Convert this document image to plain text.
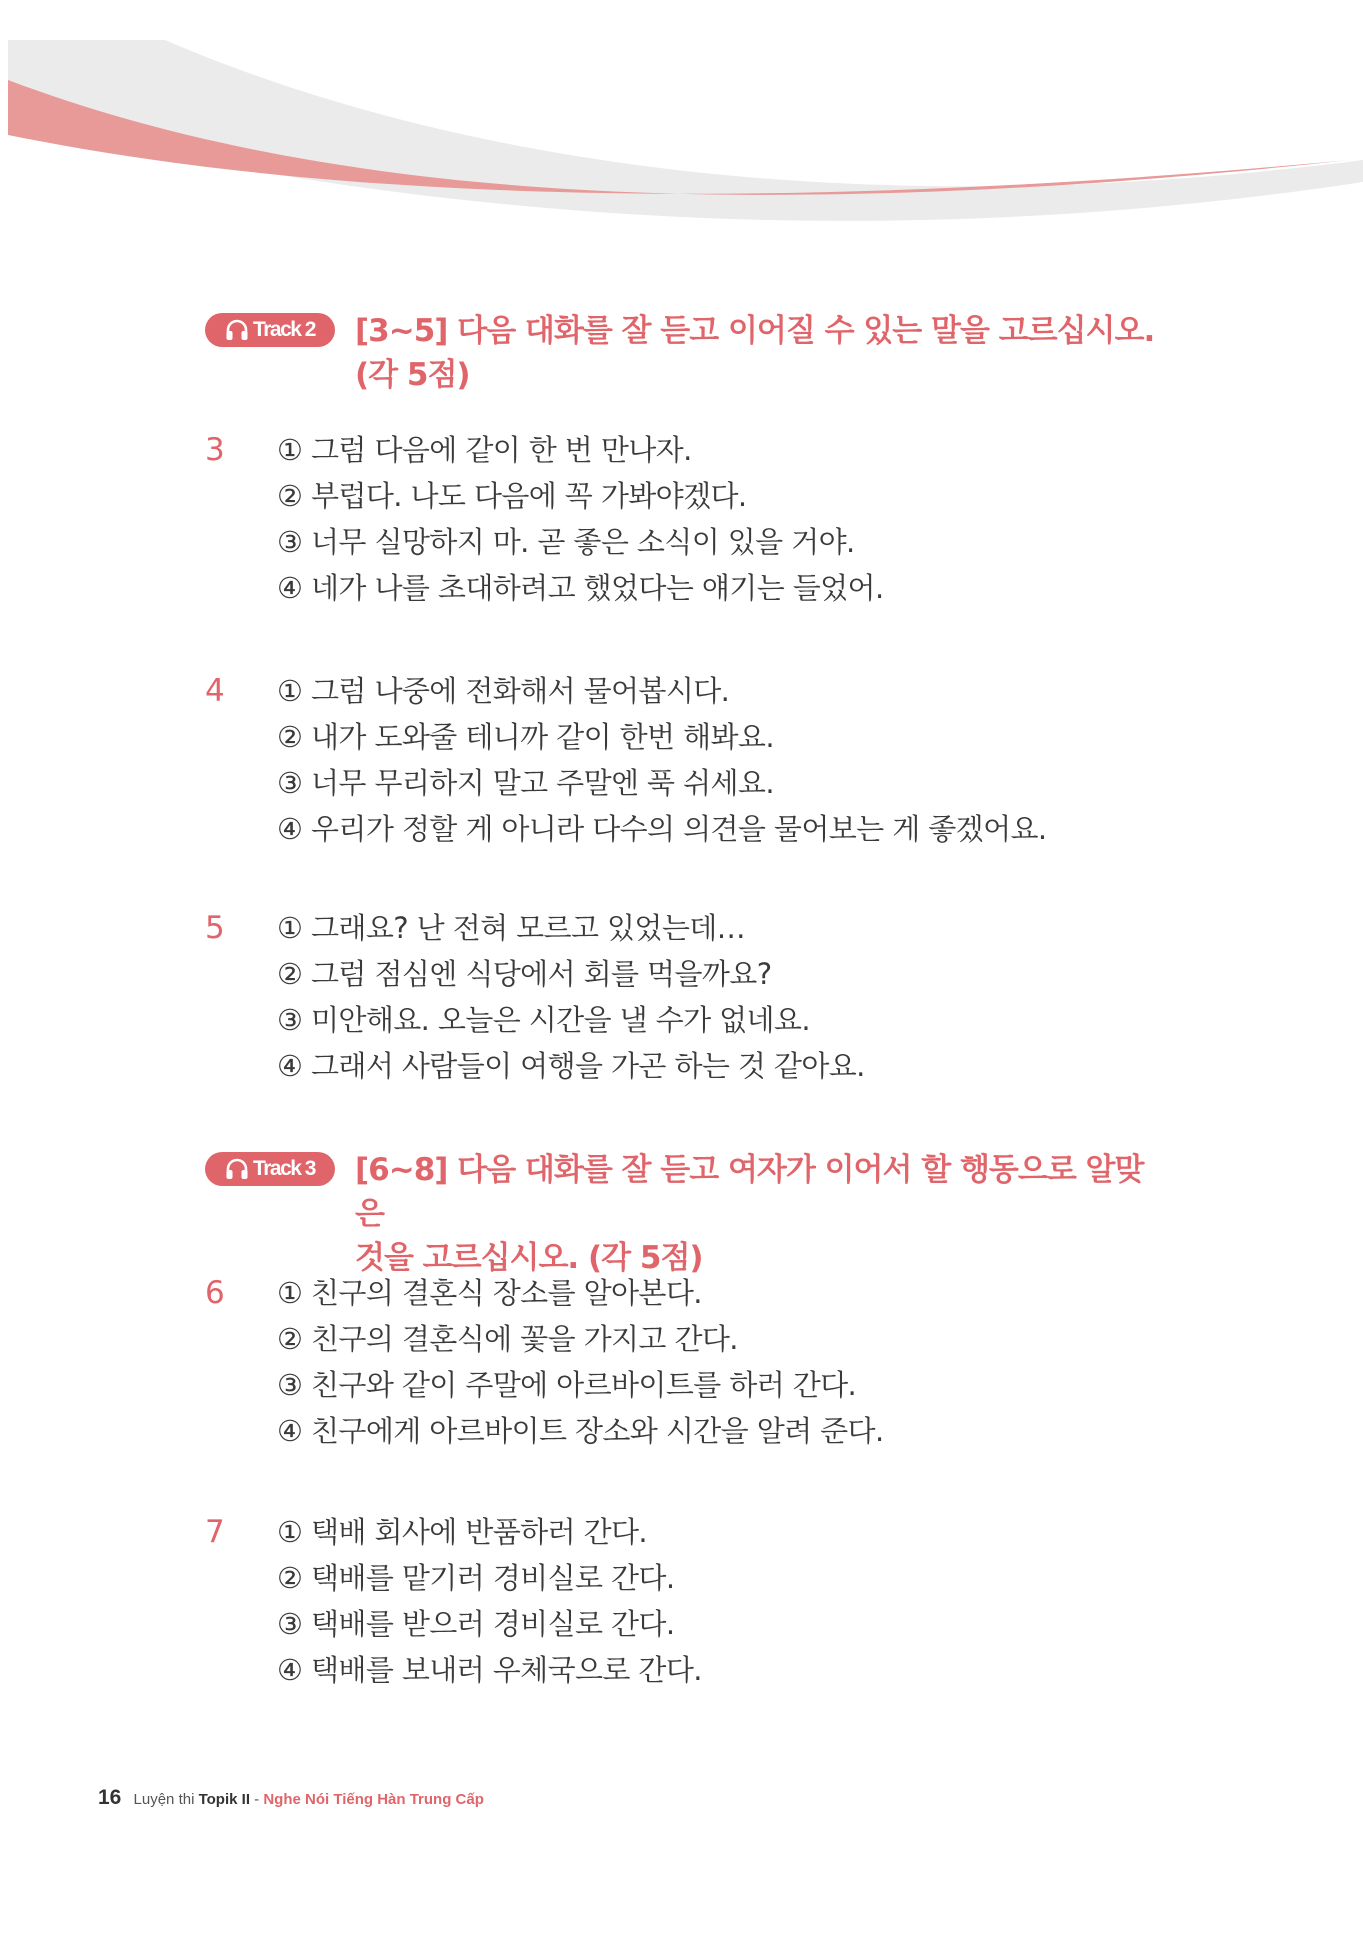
Track 2 [3~5] 다음 대화를 잘 듣고 이어질 수 있는 말을 고르십시오.
(각 5점)
3	① 그럼 다음에 같이 한 번 만나자.
② 부럽다. 나도 다음에 꼭 가봐야겠다.
③ 너무 실망하지 마. 곧 좋은 소식이 있을 거야.
④ 네가 나를 초대하려고 했었다는 얘기는 들었어.
4	① 그럼 나중에 전화해서 물어봅시다.
② 내가 도와줄 테니까 같이 한번 해봐요.
③ 너무 무리하지 말고 주말엔 푹 쉬세요.
④ 우리가 정할 게 아니라 다수의 의견을 물어보는 게 좋겠어요.
5	① 그래요? 난 전혀 모르고 있었는데…
② 그럼 점심엔 식당에서 회를 먹을까요?
③ 미안해요. 오늘은 시간을 낼 수가 없네요.
④ 그래서 사람들이 여행을 가곤 하는 것 같아요.
Track 3 [6~8] 다음 대화를 잘 듣고 여자가 이어서 할 행동으로 알맞은
것을 고르십시오. (각 5점)
6	① 친구의 결혼식 장소를 알아본다.
② 친구의 결혼식에 꽃을 가지고 간다.
③ 친구와 같이 주말에 아르바이트를 하러 간다.
④ 친구에게 아르바이트 장소와 시간을 알려 준다.
7	① 택배 회사에 반품하러 간다.
② 택배를 맡기러 경비실로 간다.
③ 택배를 받으러 경비실로 간다.
④ 택배를 보내러 우체국으로 간다.
16 Luyện thi Topik II - Nghe Nói Tiếng Hàn Trung Cấp
